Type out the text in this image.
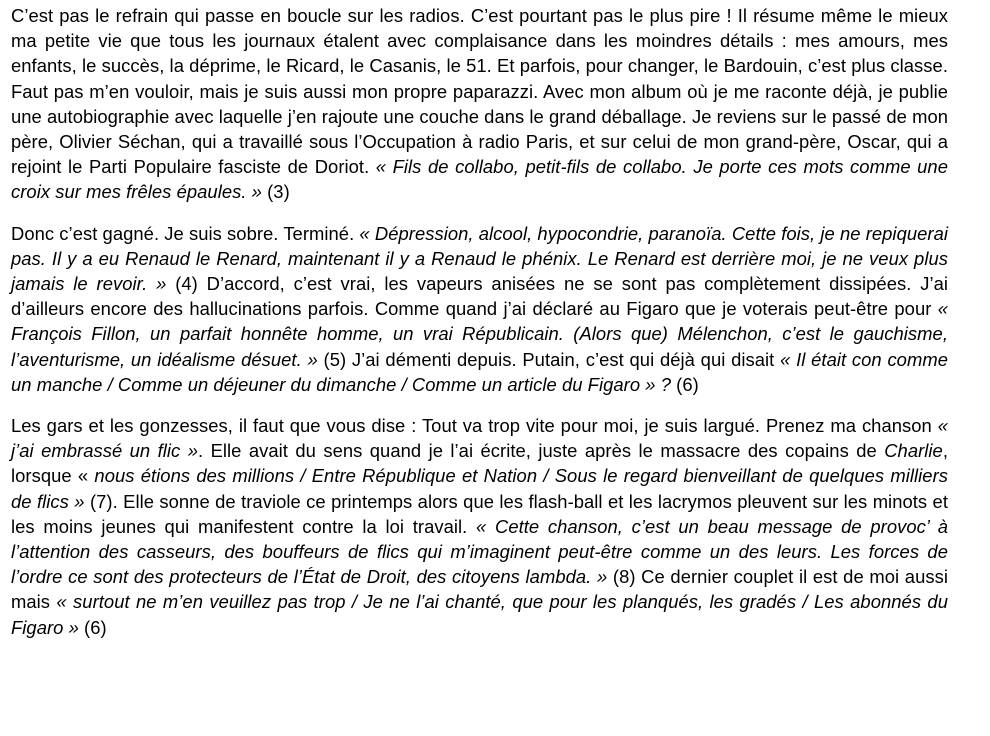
C’est pas le refrain qui passe en boucle sur les radios. C’est pourtant pas le plus pire ! Il résume même le mieux ma petite vie que tous les journaux étalent avec complaisance dans les moindres détails : mes amours, mes enfants, le succès, la déprime, le Ricard, le Casanis, le 51. Et parfois, pour changer, le Bardouin, c’est plus classe. Faut pas m’en vouloir, mais je suis aussi mon propre paparazzi. Avec mon album où je me raconte déjà, je publie une autobiographie avec laquelle j’en rajoute une couche dans le grand déballage. Je reviens sur le passé de mon père, Olivier Séchan, qui a travaillé sous l’Occupation à radio Paris, et sur celui de mon grand-père, Oscar, qui a rejoint le Parti Populaire fasciste de Doriot. « Fils de collabo, petit-fils de collabo. Je porte ces mots comme une croix sur mes frêles épaules. » (3)

Donc c’est gagné. Je suis sobre. Terminé. « Dépression, alcool, hypocondrie, paranoïa. Cette fois, je ne repiquerai pas. Il y a eu Renaud le Renard, maintenant il y a Renaud le phénix. Le Renard est derrière moi, je ne veux plus jamais le revoir. » (4) D’accord, c’est vrai, les vapeurs anisées ne se sont pas complètement dissipées. J’ai d’ailleurs encore des hallucinations parfois. Comme quand j’ai déclaré au Figaro que je voterais peut-être pour « François Fillon, un parfait honnête homme, un vrai Républicain. (Alors que) Mélenchon, c’est le gauchisme, l’aventurisme, un idéalisme désuet. » (5) J’ai démenti depuis. Putain, c’est qui déjà qui disait « Il était con comme un manche / Comme un déjeuner du dimanche / Comme un article du Figaro » ? (6)

Les gars et les gonzesses, il faut que vous dise : Tout va trop vite pour moi, je suis largué. Prenez ma chanson « j’ai embrassé un flic ». Elle avait du sens quand je l’ai écrite, juste après le massacre des copains de Charlie, lorsque « nous étions des millions / Entre République et Nation / Sous le regard bienveillant de quelques milliers de flics » (7). Elle sonne de traviole ce printemps alors que les flash-ball et les lacrymos pleuvent sur les minots et les moins jeunes qui manifestent contre la loi travail. « Cette chanson, c’est un beau message de provoc’ à l’attention des casseurs, des bouffeurs de flics qui m’imaginent peut-être comme un des leurs. Les forces de l’ordre ce sont des protecteurs de l’État de Droit, des citoyens lambda. » (8) Ce dernier couplet il est de moi aussi mais « surtout ne m’en veuillez pas trop / Je ne l’ai chanté, que pour les planqués, les gradés / Les abonnés du Figaro » (6)
